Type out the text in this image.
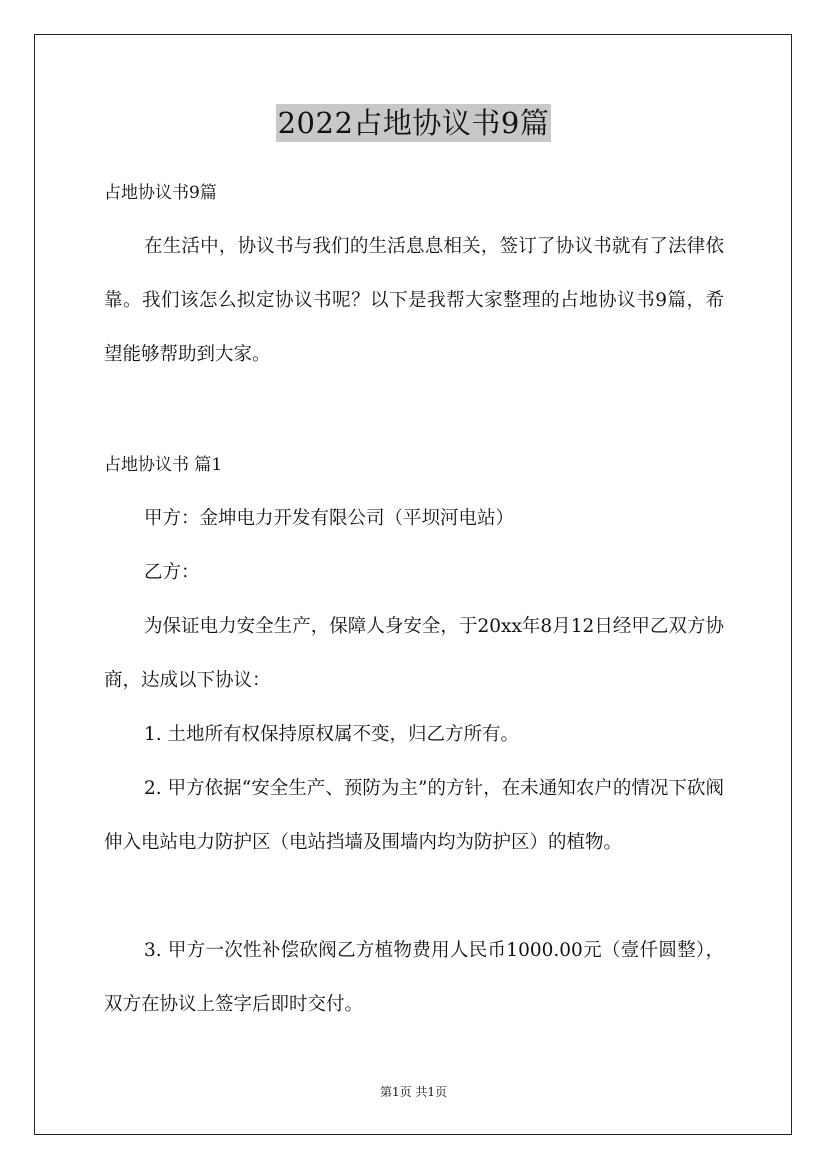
2022占地协议书9篇
占地协议书9篇
在生活中，协议书与我们的生活息息相关，签订了协议书就有了法律依靠。我们该怎么拟定协议书呢？以下是我帮大家整理的占地协议书9篇，希望能够帮助到大家。
占地协议书 篇1
甲方：金坤电力开发有限公司（平坝河电站）
乙方：
为保证电力安全生产，保障人身安全，于20xx年8月12日经甲乙双方协商，达成以下协议：
1. 土地所有权保持原权属不变，归乙方所有。
2. 甲方依据“安全生产、预防为主”的方针，在未通知农户的情况下砍阀伸入电站电力防护区（电站挡墙及围墙内均为防护区）的植物。
3. 甲方一次性补偿砍阀乙方植物费用人民币1000.00元（壹仟圆整），双方在协议上签字后即时交付。
第1页 共1页
